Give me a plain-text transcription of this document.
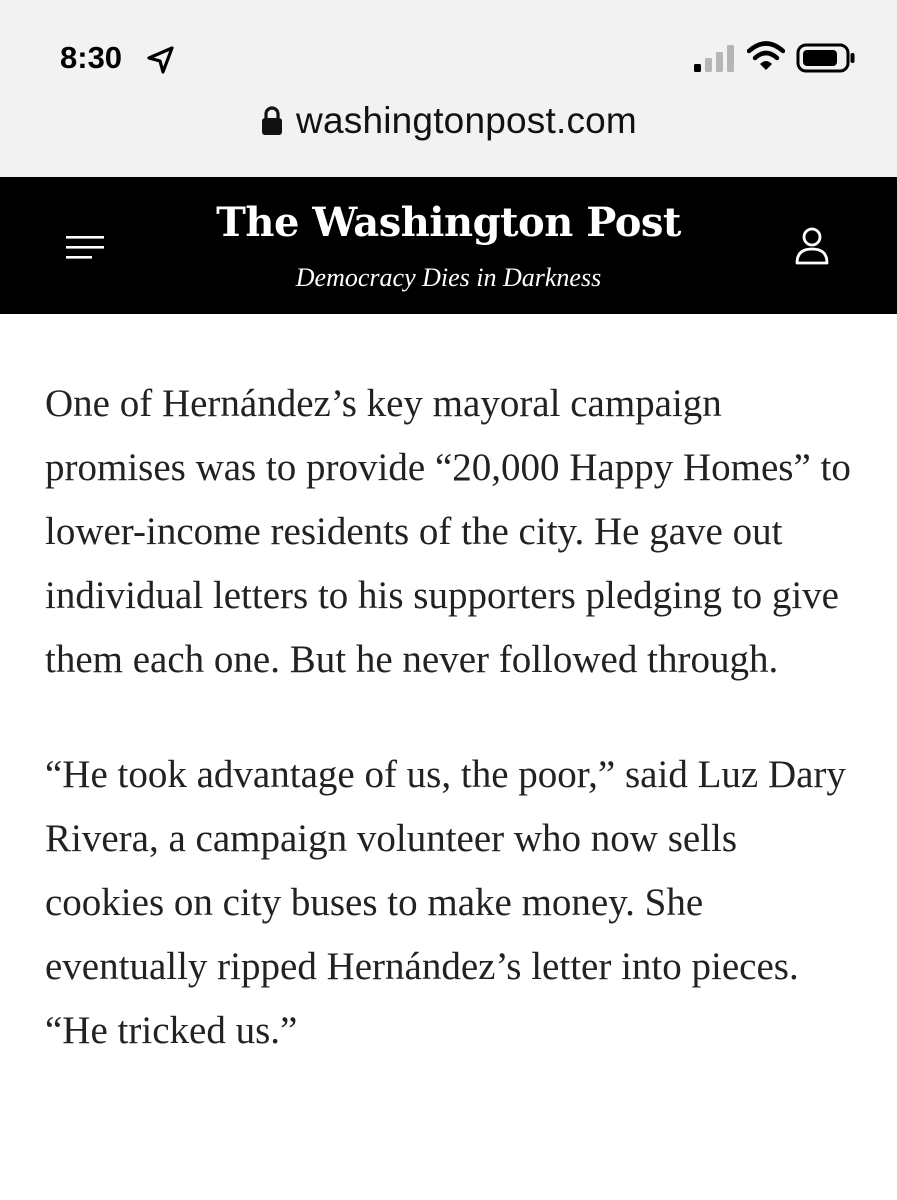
8:30
washingtonpost.com
The Washington Post
Democracy Dies in Darkness

One of Hernández’s key mayoral campaign promises was to provide “20,000 Happy Homes” to lower-income residents of the city. He gave out individual letters to his supporters pledging to give them each one. But he never followed through.

“He took advantage of us, the poor,” said Luz Dary Rivera, a campaign volunteer who now sells cookies on city buses to make money. She eventually ripped Hernández’s letter into pieces. “He tricked us.”
